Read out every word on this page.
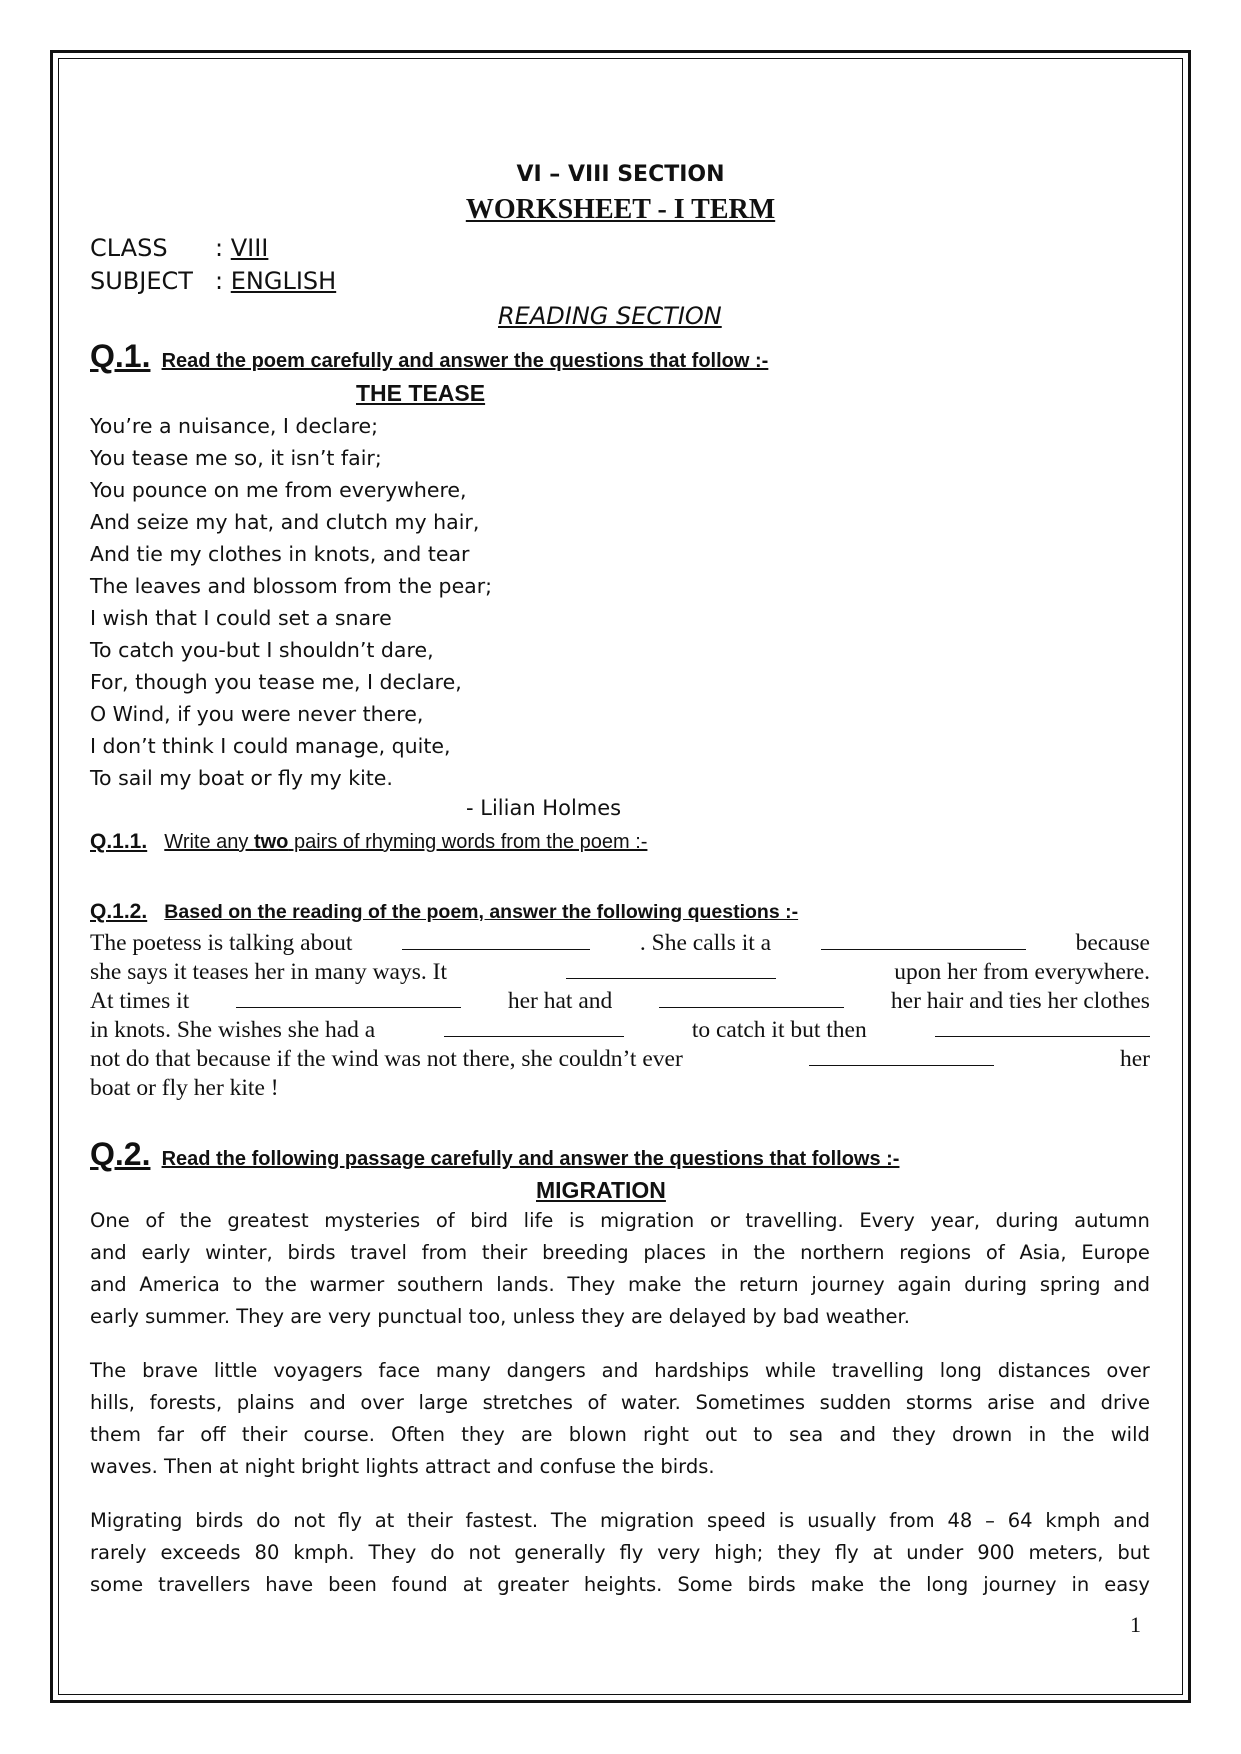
VI – VIII SECTION
WORKSHEET - I TERM
CLASS : VIII
SUBJECT : ENGLISH
READING SECTION
Q.1. Read the poem carefully and answer the questions that follow :-
THE TEASE
You’re a nuisance, I declare;
You tease me so, it isn’t fair;
You pounce on me from everywhere,
And seize my hat, and clutch my hair,
And tie my clothes in knots, and tear
The leaves and blossom from the pear;
I wish that I could set a snare
To catch you-but I shouldn’t dare,
For, though you tease me, I declare,
O Wind, if you were never there,
I don’t think I could manage, quite,
To sail my boat or fly my kite.
- Lilian Holmes
Q.1.1. Write any two pairs of rhyming words from the poem :-
Q.1.2. Based on the reading of the poem, answer the following questions :-
The poetess is talking about	. She calls it a	because
she says it teases her in many ways. It	upon her from everywhere.
At times it	her hat and	her hair and ties her clothes
in knots. She wishes she had a	to catch it but then
not do that because if the wind was not there, she couldn’t ever	her
boat or fly her kite !
Q.2. Read the following passage carefully and answer the questions that follows :-
MIGRATION
One of the greatest mysteries of bird life is migration or travelling. Every year, during autumn
and early winter, birds travel from their breeding places in the northern regions of Asia, Europe
and America to the warmer southern lands. They make the return journey again during spring and
early summer. They are very punctual too, unless they are delayed by bad weather.
The brave little voyagers face many dangers and hardships while travelling long distances over
hills, forests, plains and over large stretches of water. Sometimes sudden storms arise and drive
them far off their course. Often they are blown right out to sea and they drown in the wild
waves. Then at night bright lights attract and confuse the birds.
Migrating birds do not fly at their fastest. The migration speed is usually from 48 – 64 kmph and
rarely exceeds 80 kmph. They do not generally fly very high; they fly at under 900 meters, but
some travellers have been found at greater heights. Some birds make the long journey in easy
1
